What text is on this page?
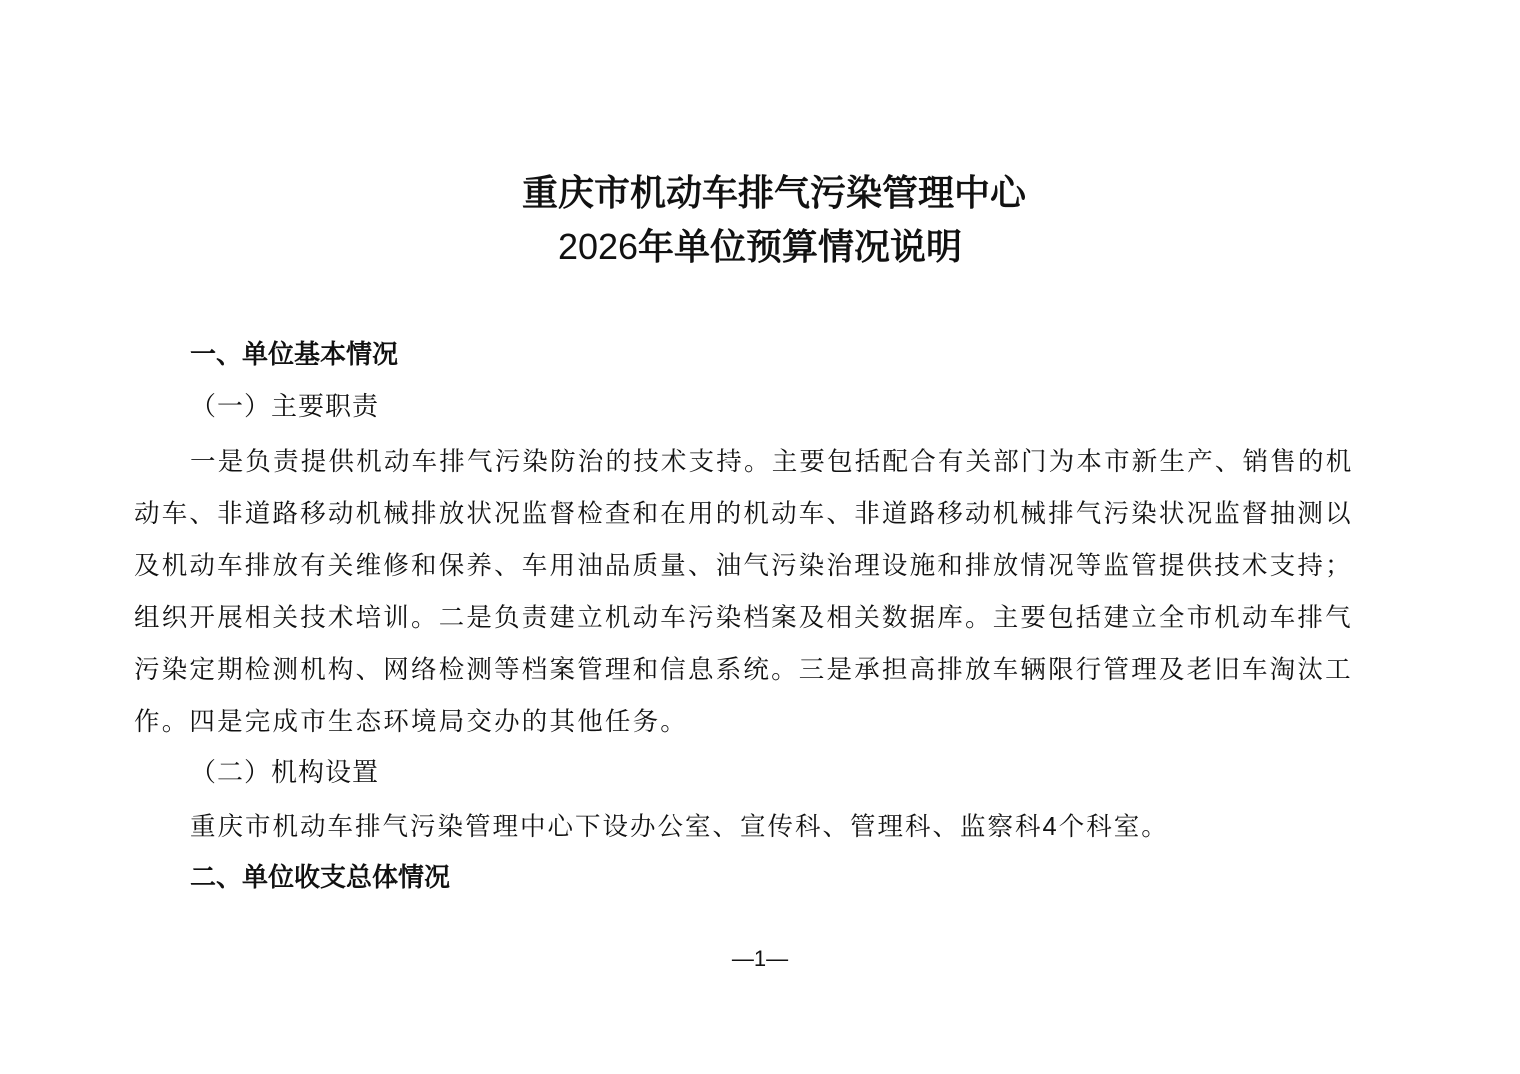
重庆市机动车排气污染管理中心
2026年单位预算情况说明
一、单位基本情况
（一）主要职责
一是负责提供机动车排气污染防治的技术支持。主要包括配合有关部门为本市新生产、销售的机
动车、非道路移动机械排放状况监督检查和在用的机动车、非道路移动机械排气污染状况监督抽测以
及机动车排放有关维修和保养、车用油品质量、油气污染治理设施和排放情况等监管提供技术支持；
组织开展相关技术培训。二是负责建立机动车污染档案及相关数据库。主要包括建立全市机动车排气
污染定期检测机构、网络检测等档案管理和信息系统。三是承担高排放车辆限行管理及老旧车淘汰工
作。四是完成市生态环境局交办的其他任务。
（二）机构设置
重庆市机动车排气污染管理中心下设办公室、宣传科、管理科、监察科4个科室。
二、单位收支总体情况
—1—
